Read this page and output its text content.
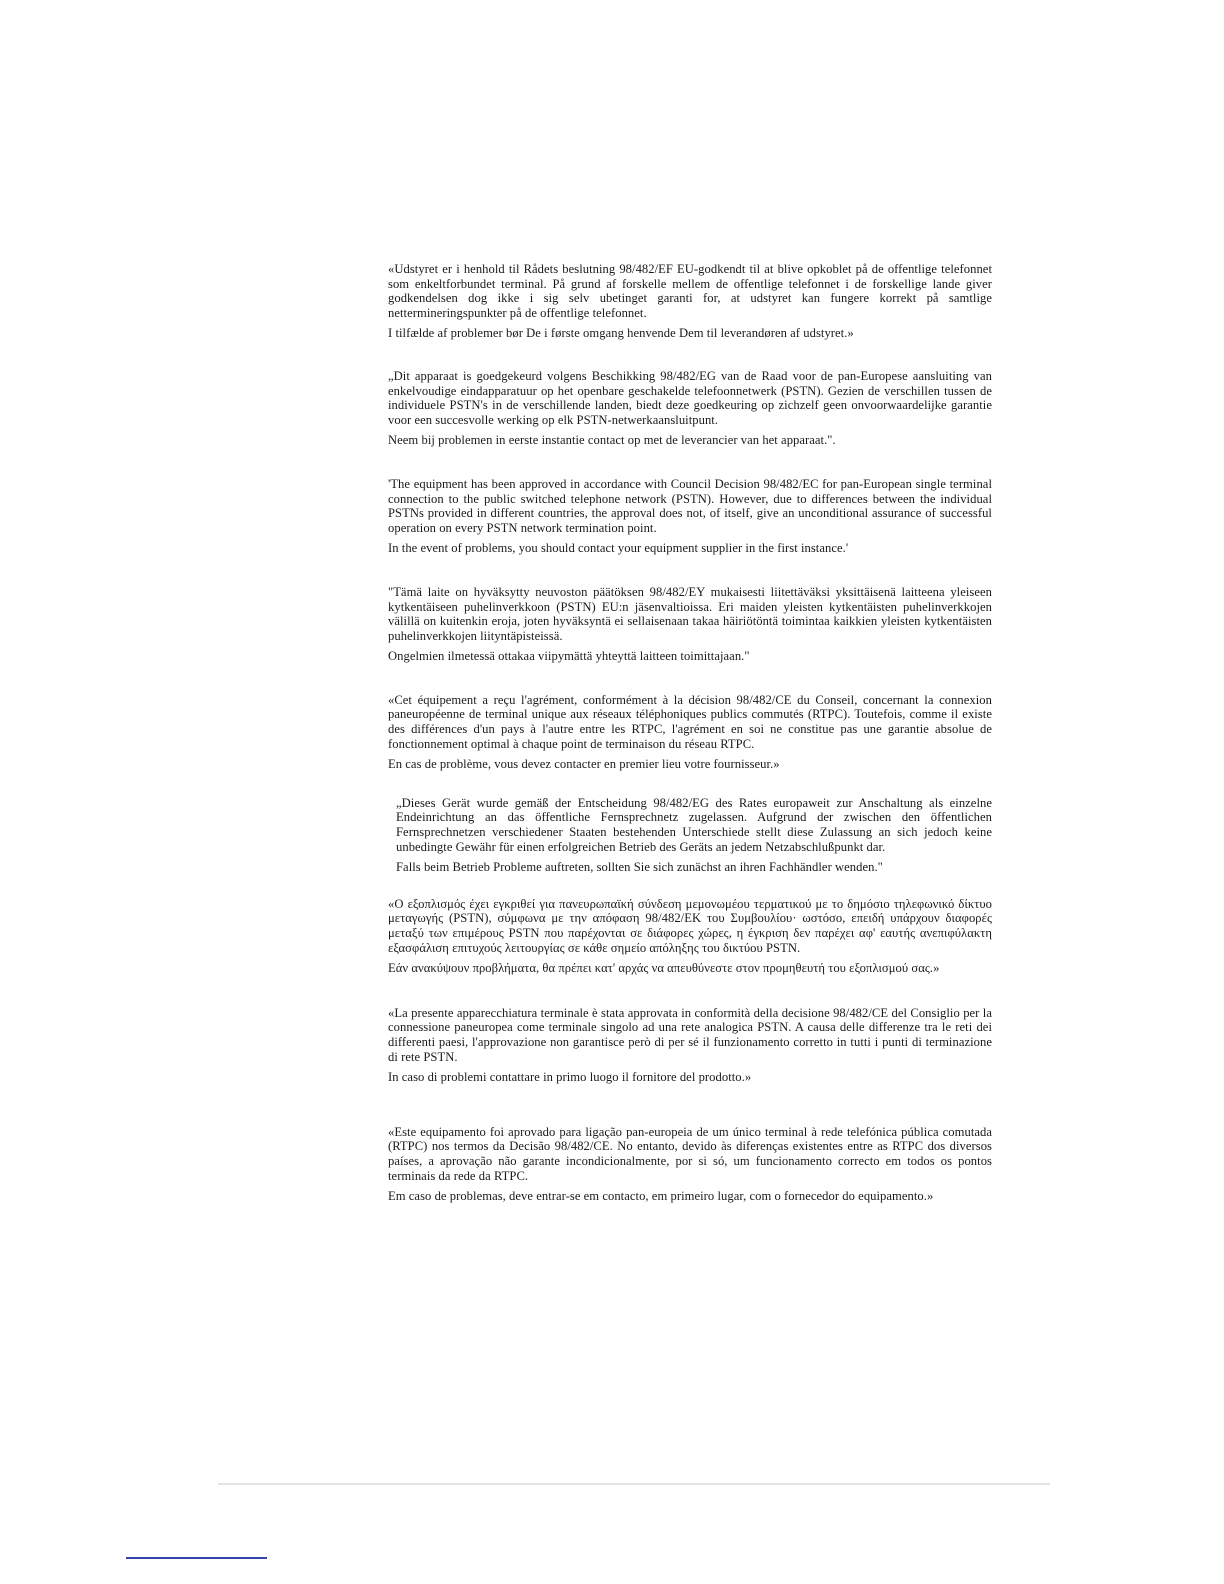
«Udstyret er i henhold til Rådets beslutning 98/482/EF EU-godkendt til at blive opkoblet på de offentlige telefonnet som enkeltforbundet terminal. På grund af forskelle mellem de offentlige telefonnet i de forskellige lande giver godkendelsen dog ikke i sig selv ubetinget garanti for, at udstyret kan fungere korrekt på samtlige nettermineringspunkter på de offentlige telefonnet.

I tilfælde af problemer bør De i første omgang henvende Dem til leverandøren af udstyret.»

„Dit apparaat is goedgekeurd volgens Beschikking 98/482/EG van de Raad voor de pan-Europese aansluiting van enkelvoudige eindapparatuur op het openbare geschakelde telefoonnetwerk (PSTN). Gezien de verschillen tussen de individuele PSTN's in de verschillende landen, biedt deze goedkeuring op zichzelf geen onvoorwaardelijke garantie voor een succesvolle werking op elk PSTN-netwerkaansluitpunt.

Neem bij problemen in eerste instantie contact op met de leverancier van het apparaat.".

'The equipment has been approved in accordance with Council Decision 98/482/EC for pan-European single terminal connection to the public switched telephone network (PSTN). However, due to differences between the individual PSTNs provided in different countries, the approval does not, of itself, give an unconditional assurance of successful operation on every PSTN network termination point.

In the event of problems, you should contact your equipment supplier in the first instance.'

"Tämä laite on hyväksytty neuvoston päätöksen 98/482/EY mukaisesti liitettäväksi yksittäisenä laitteena yleiseen kytkentäiseen puhelinverkkoon (PSTN) EU:n jäsenvaltioissa. Eri maiden yleisten kytkentäisten puhelinverkkojen välillä on kuitenkin eroja, joten hyväksyntä ei sellaisenaan takaa häiriötöntä toimintaa kaikkien yleisten kytkentäisten puhelinverkkojen liityntäpisteissä.

Ongelmien ilmetessä ottakaa viipymättä yhteyttä laitteen toimittajaan."

«Cet équipement a reçu l'agrément, conformément à la décision 98/482/CE du Conseil, concernant la connexion paneuropéenne de terminal unique aux réseaux téléphoniques publics commutés (RTPC). Toutefois, comme il existe des différences d'un pays à l'autre entre les RTPC, l'agrément en soi ne constitue pas une garantie absolue de fonctionnement optimal à chaque point de terminaison du réseau RTPC.

En cas de problème, vous devez contacter en premier lieu votre fournisseur.»

„Dieses Gerät wurde gemäß der Entscheidung 98/482/EG des Rates europaweit zur Anschaltung als einzelne Endeinrichtung an das öffentliche Fernsprechnetz zugelassen. Aufgrund der zwischen den öffentlichen Fernsprechnetzen verschiedener Staaten bestehenden Unterschiede stellt diese Zulassung an sich jedoch keine unbedingte Gewähr für einen erfolgreichen Betrieb des Geräts an jedem Netzabschlußpunkt dar.

Falls beim Betrieb Probleme auftreten, sollten Sie sich zunächst an ihren Fachhändler wenden."

«Ο εξοπλισμός έχει εγκριθεί για πανευρωπαϊκή σύνδεση μεμονωμέου τερματικού με το δημόσιο τηλεφωνικό δίκτυο μεταγωγής (PSTN), σύμφωνα με την απόφαση 98/482/ΕΚ του Συμβουλίου· ωστόσο, επειδή υπάρχουν διαφορές μεταξύ των επιμέρους PSTN που παρέχονται σε διάφορες χώρες, η έγκριση δεν παρέχει αφ' εαυτής ανεπιφύλακτη εξασφάλιση επιτυχούς λειτουργίας σε κάθε σημείο απόληξης του δικτύου PSTN.

Εάν ανακύψουν προβλήματα, θα πρέπει κατ' αρχάς να απευθύνεστε στον προμηθευτή του εξοπλισμού σας.»

«La presente apparecchiatura terminale è stata approvata in conformità della decisione 98/482/CE del Consiglio per la connessione paneuropea come terminale singolo ad una rete analogica PSTN. A causa delle differenze tra le reti dei differenti paesi, l'approvazione non garantisce però di per sé il funzionamento corretto in tutti i punti di terminazione di rete PSTN.

In caso di problemi contattare in primo luogo il fornitore del prodotto.»

«Este equipamento foi aprovado para ligação pan-europeia de um único terminal à rede telefónica pública comutada (RTPC) nos termos da Decisão 98/482/CE. No entanto, devido às diferenças existentes entre as RTPC dos diversos países, a aprovação não garante incondicionalmente, por si só, um funcionamento correcto em todos os pontos terminais da rede da RTPC.

Em caso de problemas, deve entrar-se em contacto, em primeiro lugar, com o fornecedor do equipamento.»
